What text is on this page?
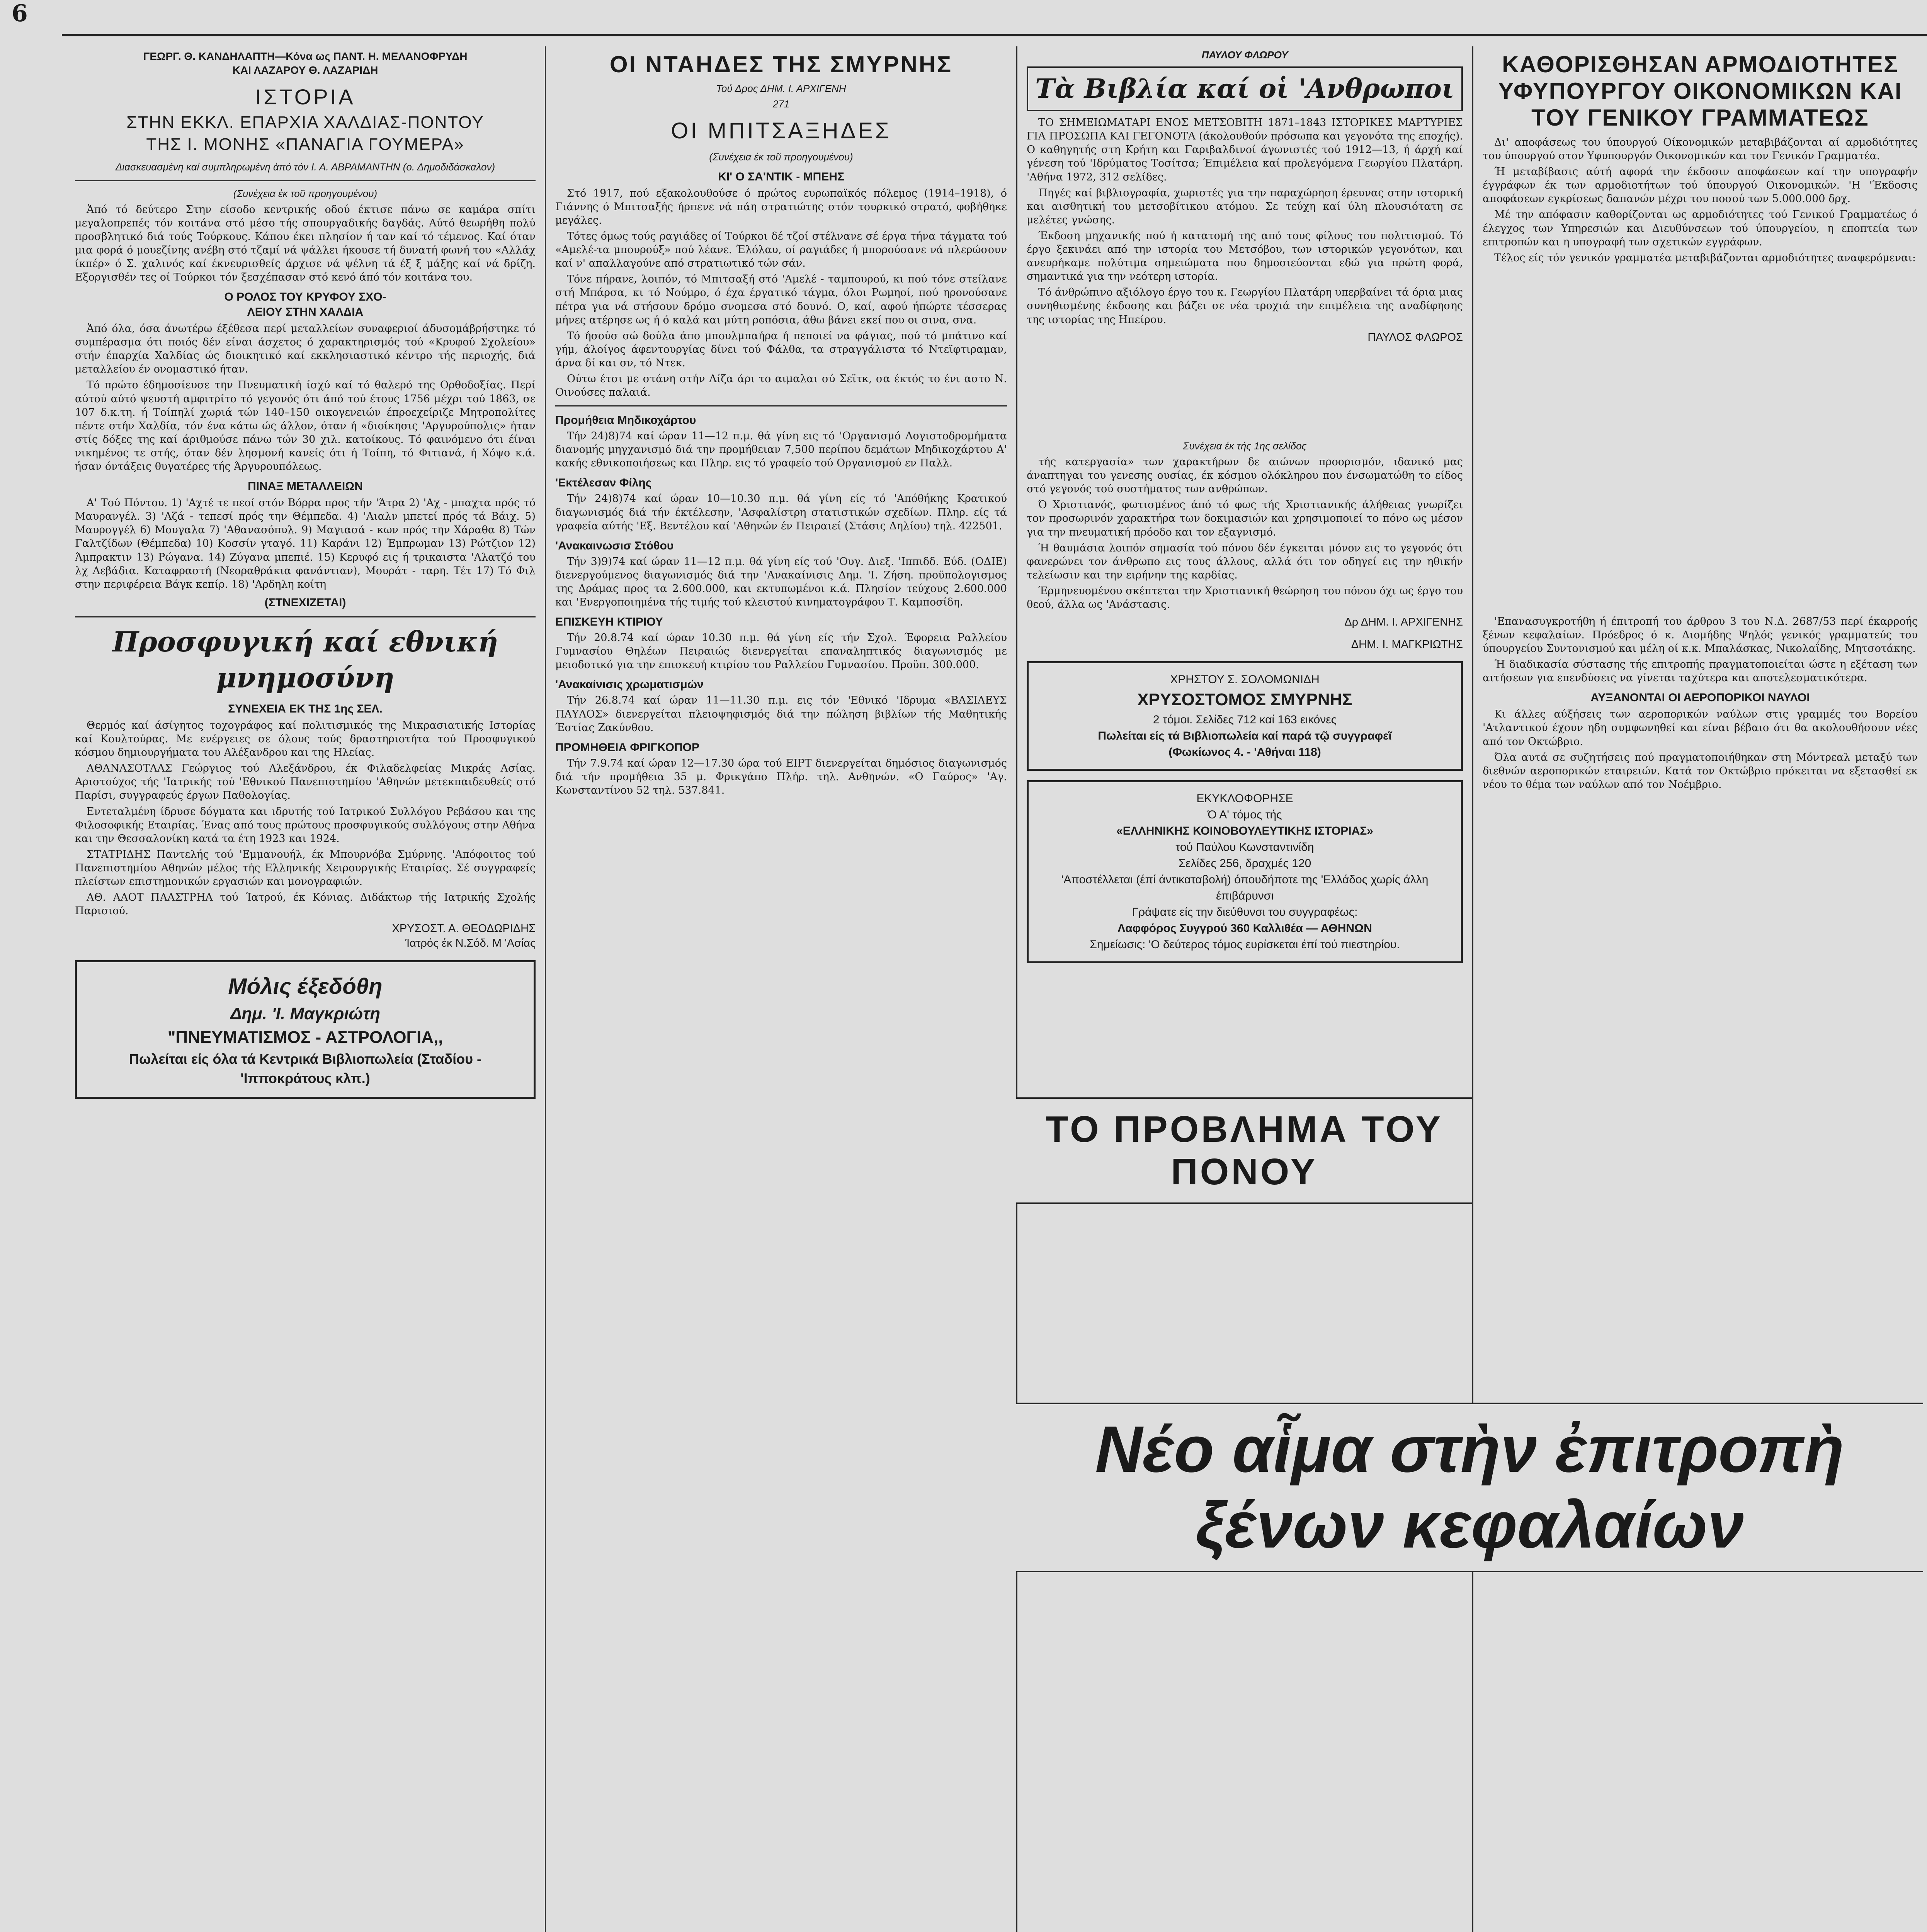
6
ΓΕΩΡΓ. Θ. ΚΑΝΔΗΛΑΠΤΗ—Κόνα ως ΠΑΝΤ. Η. ΜΕΛΑΝΟΦΡΥΔΗ
ΚΑΙ ΛΑΖΑΡΟΥ Θ. ΛΑΖΑΡΙΔΗ
ΙΣΤΟΡΙΑ
ΣΤΗΝ ΕΚΚΛ. ΕΠΑΡΧΙΑ ΧΑΛΔΙΑΣ-ΠΟΝΤΟΥ
ΤΗΣ Ι. ΜΟΝΗΣ «ΠΑΝΑΓΙΑ ΓΟΥΜΕΡΑ»
Διασκευασμένη καί συμπληρωμένη ἀπό τόν Ι. Α. ΑΒΡΑΜΑΝΤΗΝ (ο. Δημοδιδάσκαλον)
(Συνέχεια ἐκ τοῦ προηγουμένου)

Ἀπό τό δεύτερο Στην είσοδο κεντρικής οδού έκτισε πάνω σε καμάρα σπίτι μεγαλοπρεπές τόν κοιτάνα στό μέσο τής σπουργαδικής δαγδάς. Αύτό θεωρήθη πολύ προσβλητικό διά τούς Τούρκους. Κάπου έκει πλησίον ή ταν καί τό τέμενος. Καί όταν μια φορά ό μουεζίνης ανέβη στό τζαμί νά ψάλλει ήκουσε τή δυνατή φωνή του «Αλλάχ ίκπέρ» ό Σ. χαλινός καί έκνευρισθείς άρχισε νά ψέλνη τά έξ ξ μάξης καί νά δρίζη. Εξοργισθέν τες οί Τούρκοι τόν ξεσχέπασαν στό κενό άπό τόν κοιτάνα του.

Ο ΡΟΛΟΣ ΤΟΥ ΚΡΥΦΟΥ ΣΧΟ-
ΛΕΙΟΥ ΣΤΗΝ ΧΑΛΔΙΑ

Ἀπό όλα, όσα άνωτέρω έξέθεσα περί μεταλλείων συναφεριοί άδυσομάβρήστηκε τό συμπέρασμα ότι ποιός δέν είναι άσχετος ό χαρακτηρισμός τού «Κρυφού Σχολείου» στήν έπαρχία Χαλδίας ώς διοικητικό καί εκκλησιαστικό κέντρο τής περιοχής, διά μεταλλείου έν ονομαστικό ήταν.

Τό πρώτο έδημοσίευσε την Πνευματική ίσχύ καί τό θαλερό της Ορθοδοξίας. Περί αύτού αύτό ψευστή αμφιτρίτο τό γεγονός ότι άπό τού έτους 1756 μέχρι τού 1863, σε 107 δ.κ.τη. ή Τοίπηλί χωριά τών 140–150 οικογενειών έπροεχείριζε Μητροπολίτες πέντε στήν Χαλδία, τόν ένα κάτω ώς άλλον, όταν ή «διοίκησις 'Αργυρούπολις» ήταν στίς δόξες της καί άριθμούσε πάνω τών 30 χιλ. κατοίκους. Τό φαινόμενο ότι έίναι νικημένος τε στής, όταν δέν λησμονή κανείς ότι ή Τοίπη, τό Φιτιανά, ή Χόψο κ.ά. ήσαν όντάξεις θυγατέρες τής Άργυρουπόλεως.

ΠΙΝΑΞ ΜΕΤΑΛΛΕΙΩΝ

Α' Τού Πόντου. 1) 'Αχτέ τε πεοί στόν Βόρρα προς τήν 'Άτρα 2) 'Αχ - μπαχτα πρός τό Μαυρανγέλ. 3) 'Αζά - τεπεσί πρός την Θέμπεδα. 4) 'Αιαλν μπετεί πρός τά Βάιχ. 5) Μαυρογγέλ 6) Μουγαλα 7) 'Αθανασόπυλ. 9) Μαγιασά - κων πρός την Χάραθα 8) Τών Γαλτζίδων (Θέμπεδα) 10) Κοσσίν γταγό. 11) Καράνι 12) Έμπρωμαν 13) Ρώτζιον 12) Άμπρακτιν 13) Ρώγανα. 14) Ζύγανα μπεπιέ. 15) Κερυφό εις ή τρικαιστα 'Αλατζό του λχ Λεβάδια. Καταφραστή (Νεοραθράκια φανάντιαν), Μουράτ - ταρη. Τέτ 17) Τό Φιλ στην περιφέρεια Βάγκ κεπίρ. 18) 'Αρδηλη κοίτη

(ΣΤΝΕΧΙΖΕΤΑΙ)
Προσφυγική καί εθνική μνημοσύνη
ΣΥΝΕΧΕΙΑ ΕΚ ΤΗΣ 1ης ΣΕΛ.

Θερμός καί άσίγητος τοχογράφος καί πολιτισμικός της Μικρασιατικής Ιστορίας καί Κουλτούρας. Με ενέργειες σε όλους τούς δραστηριοτήτα τού Προσφυγικού κόσμου δημιουργήματα του Αλέξανδρου και της Ηλείας.

ΑΘΑΝΑΣΟΤΛΑΣ Γεώργιος τού Αλεξάνδρου, έκ Φιλαδελφείας Μικράς Ασίας. Αριστούχος τής 'Ιατρικής τού 'Εθνικού Πανεπιστημίου 'Αθηνών μετεκπαιδευθείς στό Παρίσι, συγγραφεύς έργων Παθολογίας.

Εντεταλμένη ίδρυσε δόγματα και ιδρυτής τού Ιατρικού Συλλόγου Ρεβάσου και της Φιλοσοφικής Εταιρίας. Ένας από τους πρώτους προσφυγικούς συλλόγους στην Αθήνα και την Θεσσαλονίκη κατά τα έτη 1923 και 1924.

ΣΤΑΤΡΙΔΗΣ Παντελής τού 'Εμμανουήλ, έκ Μπουρνόβα Σμύρνης. 'Απόφοιτος τού Πανεπιστημίου Αθηνών μέλος τής Ελληνικής Χειρουργικής Εταιρίας. Σέ συγγραφείς πλείστων επιστημονικών εργασιών και μονογραφιών.

ΑΘ. ΑΑΟΤ ΠΑΑΣΤΡΗΑ τού Ίατρού, έκ Κόνιας. Διδάκτωρ τής Ιατρικής Σχολής Παρισιού.

ΧΡΥΣΟΣΤ. Α. ΘΕΟΔΩΡΙΔΗΣ
Ίατρός έκ Ν.Σόδ. Μ 'Ασίας
Μόλις έξεδόθη
Δημ. 'Ι. Μαγκριώτη
"ΠΝΕΥΜΑΤΙΣΜΟΣ - ΑΣΤΡΟΛΟΓΙΑ,,
Πωλείται είς όλα τά Κεντρικά Βιβλιοπωλεία (Σταδίου - 'Ιπποκράτους κλπ.)
ΟΙ ΝΤΑΗΔΕΣ ΤΗΣ ΣΜΥΡΝΗΣ
Τού Δρος ΔΗΜ. Ι. ΑΡΧΙΓΕΝΗ
271
ΟΙ ΜΠΙΤΣΑΞΗΔΕΣ
(Συνέχεια έκ τοῦ προηγουμένου)
ΚΙ' Ο ΣΑ'ΝΤΙΚ - ΜΠΕΗΣ

Στό 1917, πού εξακολουθούσε ό πρώτος ευρωπαϊκός πόλεμος (1914–1918), ό Γιάννης ό Μπιτσαξής ήρπενε νά πάη στρατιώτης στόν τουρκικό στρατό, φοβήθηκε μεγάλες.

Τότες όμως τούς ραγιάδες οί Τούρκοι δέ τζοί στέλνανε σέ έργα τήνα τάγματα τού «Αμελέ-τα μπουρούξ» πού λέανε. Έλόλαυ, οί ραγιάδες ή μπορούσανε νά πλερώσουν καί ν' απαλλαγούνε από στρατιωτικό τών σάν.

Τόνε πήρανε, λοιπόν, τό Μπιτσαξή στό 'Αμελέ - ταμπουρού, κι πού τόνε στείλανε στή Μπάρσα, κι τό Νούμρο, ό έχα έργατικό τάγμα, όλοι Ρωμηοί, πού ηρονούσανε πέτρα για νά στήσουν δρόμο σνομεσα στό δουνό. Ο, καί, αφού ήπώρτε τέσσερας μήνες ατέρησε ως ή ό καλά και μύτη ροπόσια, άθω βάνει εκεί που οι σινα, σνα.

Τό ήσούσ σώ δούλα άπο μπουλμπαήρα ή πεποιεί να φάγιας, πού τό μπάτινο καί γήμ, άλοίγος άφεντουργίας δίνει τού Φάλθα, τα στραγγάλιστα τό Ντεϊφτιραμαν, άρνα δί και σν, τό Ντεκ.

Ούτω έτσι με στάνη στήν Λίζα άρι το αιμαλαι σύ Σεϊτκ, σα έκτός το ένι αστο Ν. Οινούσες παλαιά.

Προμήθεια Μηδικοχάρτου

Τήν 24)8)74 καί ώραν 11—12 π.μ. θά γίνη εις τό 'Οργανισμό Λογιστοδρομήματα διανομής μηγχανισμό διά την προμήθειαν 7,500 περίπου δεμάτων Μηδικοχάρτου Α' κακής εθνικοποιήσεως και Πληρ. εις τό γραφείο τού Οργανισμού εν Παλλ.

'Εκτέλεσαν Φίλης

Τήν 24)8)74 καί ώραν 10—10.30 π.μ. θά γίνη είς τό 'Απόθήκης Κρατικού διαγωνισμός διά τήν έκτέλεσην, 'Ασφαλίστρη στατιστικών σχεδίων. Πληρ. είς τά γραφεία αύτής 'Εξ. Βεντέλου καί 'Αθηνών έν Πειραιεί (Στάσις Δηλίου) τηλ. 422501.

'Ανακαινωσισ Στόθου

Τήν 3)9)74 καί ώραν 11—12 π.μ. θά γίνη είς τού 'Ουγ. Διεξ. 'Ιππιδδ. Εύδ. (ΟΔΙΕ) διενεργούμενος διαγωνισμός διά την 'Ανακαίνισις Δημ. 'Ι. Ζήση. προϋπολογισμος της Δράμας προς τα 2.600.000, και εκτυπωμένοι κ.ά. Πλησίον τεύχους 2.600.000 και 'Ενεργοποιημένα τής τιμής τού κλειστού κινηματογράφου Τ. Καμποσίδη.

ΕΠΙΣΚΕΥΗ ΚΤΙΡΙΟΥ

Τήν 20.8.74 καί ώραν 10.30 π.μ. θά γίνη είς τήν Σχολ. Έφορεια Ραλλείου Γυμνασίου Θηλέων Πειραιώς διενεργείται επαναληπτικός διαγωνισμός με μειοδοτικό για την επισκευή κτιρίου του Ραλλείου Γυμνασίου. Προϋπ. 300.000.

'Ανακαίνισις χρωματισμών

Τήν 26.8.74 καί ώραν 11—11.30 π.μ. εις τόν 'Εθνικό 'Ιδρυμα «ΒΑΣΙΛΕΥΣ ΠΑΥΛΟΣ» διενεργείται πλειοψηφισμός διά την πώληση βιβλίων τής Μαθητικής Έστίας Ζακύνθου.

ΠΡΟΜΗΘΕΙΑ ΦΡΙΓΚΟΠΟΡ

Τήν 7.9.74 καί ώραν 12—17.30 ώρα τού ΕΙΡΤ διενεργείται δημόσιος διαγωνισμός διά τήν προμήθεια 35 μ. Φρικγάπο Πλήρ. τηλ. Ανθηνών. «Ο Γαύρος» 'Αγ. Κωνσταντίνου 52 τηλ. 537.841.

ΠΑΥΛΟΥ ΦΛΩΡΟΥ
Τὰ Βιβλία καί οἱ 'Ανθρωποι

ΤΟ ΣΗΜΕΙΩΜΑΤΑΡΙ ΕΝΟΣ ΜΕΤΣΟΒΙΤΗ 1871–1843 ΙΣΤΟΡΙΚΕΣ ΜΑΡΤΥΡΙΕΣ ΓΙΑ ΠΡΟΣΩΠΑ ΚΑΙ ΓΕΓΟΝΟΤΑ (άκολουθούν πρόσωπα και γεγονότα της εποχής). Ο καθηγητής στη Κρήτη και Γαριβαλδινοί άγωνιστές τού 1912—13, ή άρχή καί γένεση τού 'Ιδρύματος Τοσίτσα; Έπιμέλεια καί προλεγόμενα Γεωργίου Πλατάρη. 'Αθήνα 1972, 312 σελίδες.

Πηγές καί βιβλιογραφία, χωριστές για την παραχώρηση έρευνας στην ιστορική και αισθητική του μετσοβίτικου ατόμου. Σε τεύχη καί ύλη πλουσιότατη σε μελέτες γνώσης.

Έκδοση μηχανικής πού ή κατατομή της από τους φίλους του πολιτισμού. Τό έργο ξεκινάει από την ιστορία του Μετσόβου, των ιστορικών γεγονότων, και ανευρήκαμε πολύτιμα σημειώματα που δημοσιεύονται εδώ για πρώτη φορά, σημαντικά για την νεότερη ιστορία.

Τό άνθρώπινο αξιόλογο έργο του κ. Γεωργίου Πλατάρη υπερβαίνει τά όρια μιας συνηθισμένης έκδοσης και βάζει σε νέα τροχιά την επιμέλεια της αναδίφησης της ιστορίας της Ηπείρου.

ΠΑΥΛΟΣ ΦΛΩΡΟΣ
Συνέχεια έκ τής 1ης σελίδος

τής κατεργασία» των χαρακτήρων δε αιώνων προορισμόν, ιδανικό μας άναπτηγαι του γενεσης ουσίας, έκ κόσμου ολόκληρου που ένσωματώθη το είδος στό γεγονός τού συστήματος των ανθρώπων.

Ό Χριστιανός, φωτισμένος άπό τό φως τής Χριστιανικής άλήθειας γνωρίζει τον προσωρινόν χαρακτήρα των δοκιμασιών και χρησιμοποιεί το πόνο ως μέσον για την πνευματική πρόοδο και τον εξαγνισμό.

Ή θαυμάσια λοιπόν σημασία τού πόνου δέν έγκειται μόνον εις το γεγονός ότι φανερώνει τον άνθρωπο εις τους άλλους, αλλά ότι τον οδηγεί εις την ηθικήν τελείωσιν και την ειρήνην της καρδίας.

Έρμηνευομένου σκέπτεται την Χριστιανική θεώρηση του πόνου όχι ως έργο του θεού, άλλα ως 'Ανάστασις.

Δρ ΔΗΜ. Ι. ΑΡΧΙΓΕΝΗΣ
ΔΗΜ. Ι. ΜΑΓΚΡΙΩΤΗΣ
ΧΡΗΣΤΟΥ Σ. ΣΟΛΟΜΩΝΙΔΗ
ΧΡΥΣΟΣΤΟΜΟΣ ΣΜΥΡΝΗΣ
2 τόμοι. Σελίδες 712 καί 163 εικόνες
Πωλείται είς τά Βιβλιοπωλεία καί παρά τῷ συγγραφεῖ
(Φωκίωνος 4. - 'Αθήναι 118)
ΕΚΥΚΛΟΦΟΡΗΣΕ
Ό Α' τόμος τής
«ΕΛΛΗΝΙΚΗΣ ΚΟΙΝΟΒΟΥΛΕΥΤΙΚΗΣ ΙΣΤΟΡΙΑΣ»
τού Παύλου Κωνσταντινίδη
Σελίδες 256, δραχμές 120
'Αποστέλλεται (έπί άντικαταβολή) όπουδήποτε της 'Ελλάδος χωρίς άλλη έπιβάρυνσι
Γράψατε είς την διεύθυνσι του συγγραφέως:
Λαφφόρος Συγγρού 360 Καλλιθέα — ΑΘΗΝΩΝ
Σημείωσις: 'Ο δεύτερος τόμος ευρίσκεται έπί τού πιεστηρίου.
ΚΑΘΟΡΙΣΘΗΣΑΝ ΑΡΜΟΔΙΟΤΗΤΕΣ ΥΦΥΠΟΥΡΓΟΥ ΟΙΚΟΝΟΜΙΚΩΝ ΚΑΙ ΤΟΥ ΓΕΝΙΚΟΥ ΓΡΑΜΜΑΤΕΩΣ

Δι' αποφάσεως του ύπουργού Οίκονομικών μεταβιβάζονται αί αρμοδιότητες του ύπουργού στον Υφυπουργόν Οικονομικών και τον Γενικόν Γραμματέα.

Ή μεταβίβασις αύτή αφορά την έκδοσιν αποφάσεων καί την υπογραφήν έγγράφων έκ των αρμοδιοτήτων τού ύπουργού Οικονομικών. 'Η 'Έκδοσις αποφάσεων εγκρίσεως δαπανών μέχρι του ποσού των 5.000.000 δρχ.

Μέ την απόφασιν καθορίζονται ως αρμοδιότητες τού Γενικού Γραμματέως ό έλεγχος των Υπηρεσιών και Διευθύνσεων τού ύπουργείου, η εποπτεία των επιτροπών και η υπογραφή των σχετικών εγγράφων.

Τέλος είς τόν γενικόν γραμματέα μεταβιβάζονται αρμοδιότητες αναφερόμεναι:

'Επανασυγκροτήθη ή έπιτροπή του άρθρου 3 του Ν.Δ. 2687/53 περί έκαρροής ξένων κεφαλαίων. Πρόεδρος ό κ. Διομήδης Ψηλός γενικός γραμματεύς του ύπουργείου Συντονισμού και μέλη οί κ.κ. Μπαλάσκας, Νικολαΐδης, Μητσοτάκης.

Ή διαδικασία σύστασης τής επιτροπής πραγματοποιείται ώστε η εξέταση των αιτήσεων για επενδύσεις να γίνεται ταχύτερα και αποτελεσματικότερα.

ΑΥΞΑΝΟΝΤΑΙ ΟΙ ΑΕΡΟΠΟΡΙΚΟΙ ΝΑΥΛΟΙ

Κι άλλες αύξήσεις των αεροπορικών ναύλων στις γραμμές του Βορείου 'Ατλαντικού έχουν ηδη συμφωνηθεί και είναι βέβαιο ότι θα ακολουθήσουν νέες από τον Οκτώβριο.

Όλα αυτά σε συζητήσεις πού πραγματοποιήθηκαν στη Μόντρεαλ μεταξύ των διεθνών αεροπορικών εταιρειών. Κατά τον Οκτώβριο πρόκειται να εξετασθεί εκ νέου το θέμα των ναύλων από τον Νοέμβριο.

ΤΟ ΠΡΟΒΛΗΜΑ ΤΟΥ ΠΟΝΟΥ
Νέο αἷμα στὴν ἐπιτροπὴ ξένων κεφαλαίων
